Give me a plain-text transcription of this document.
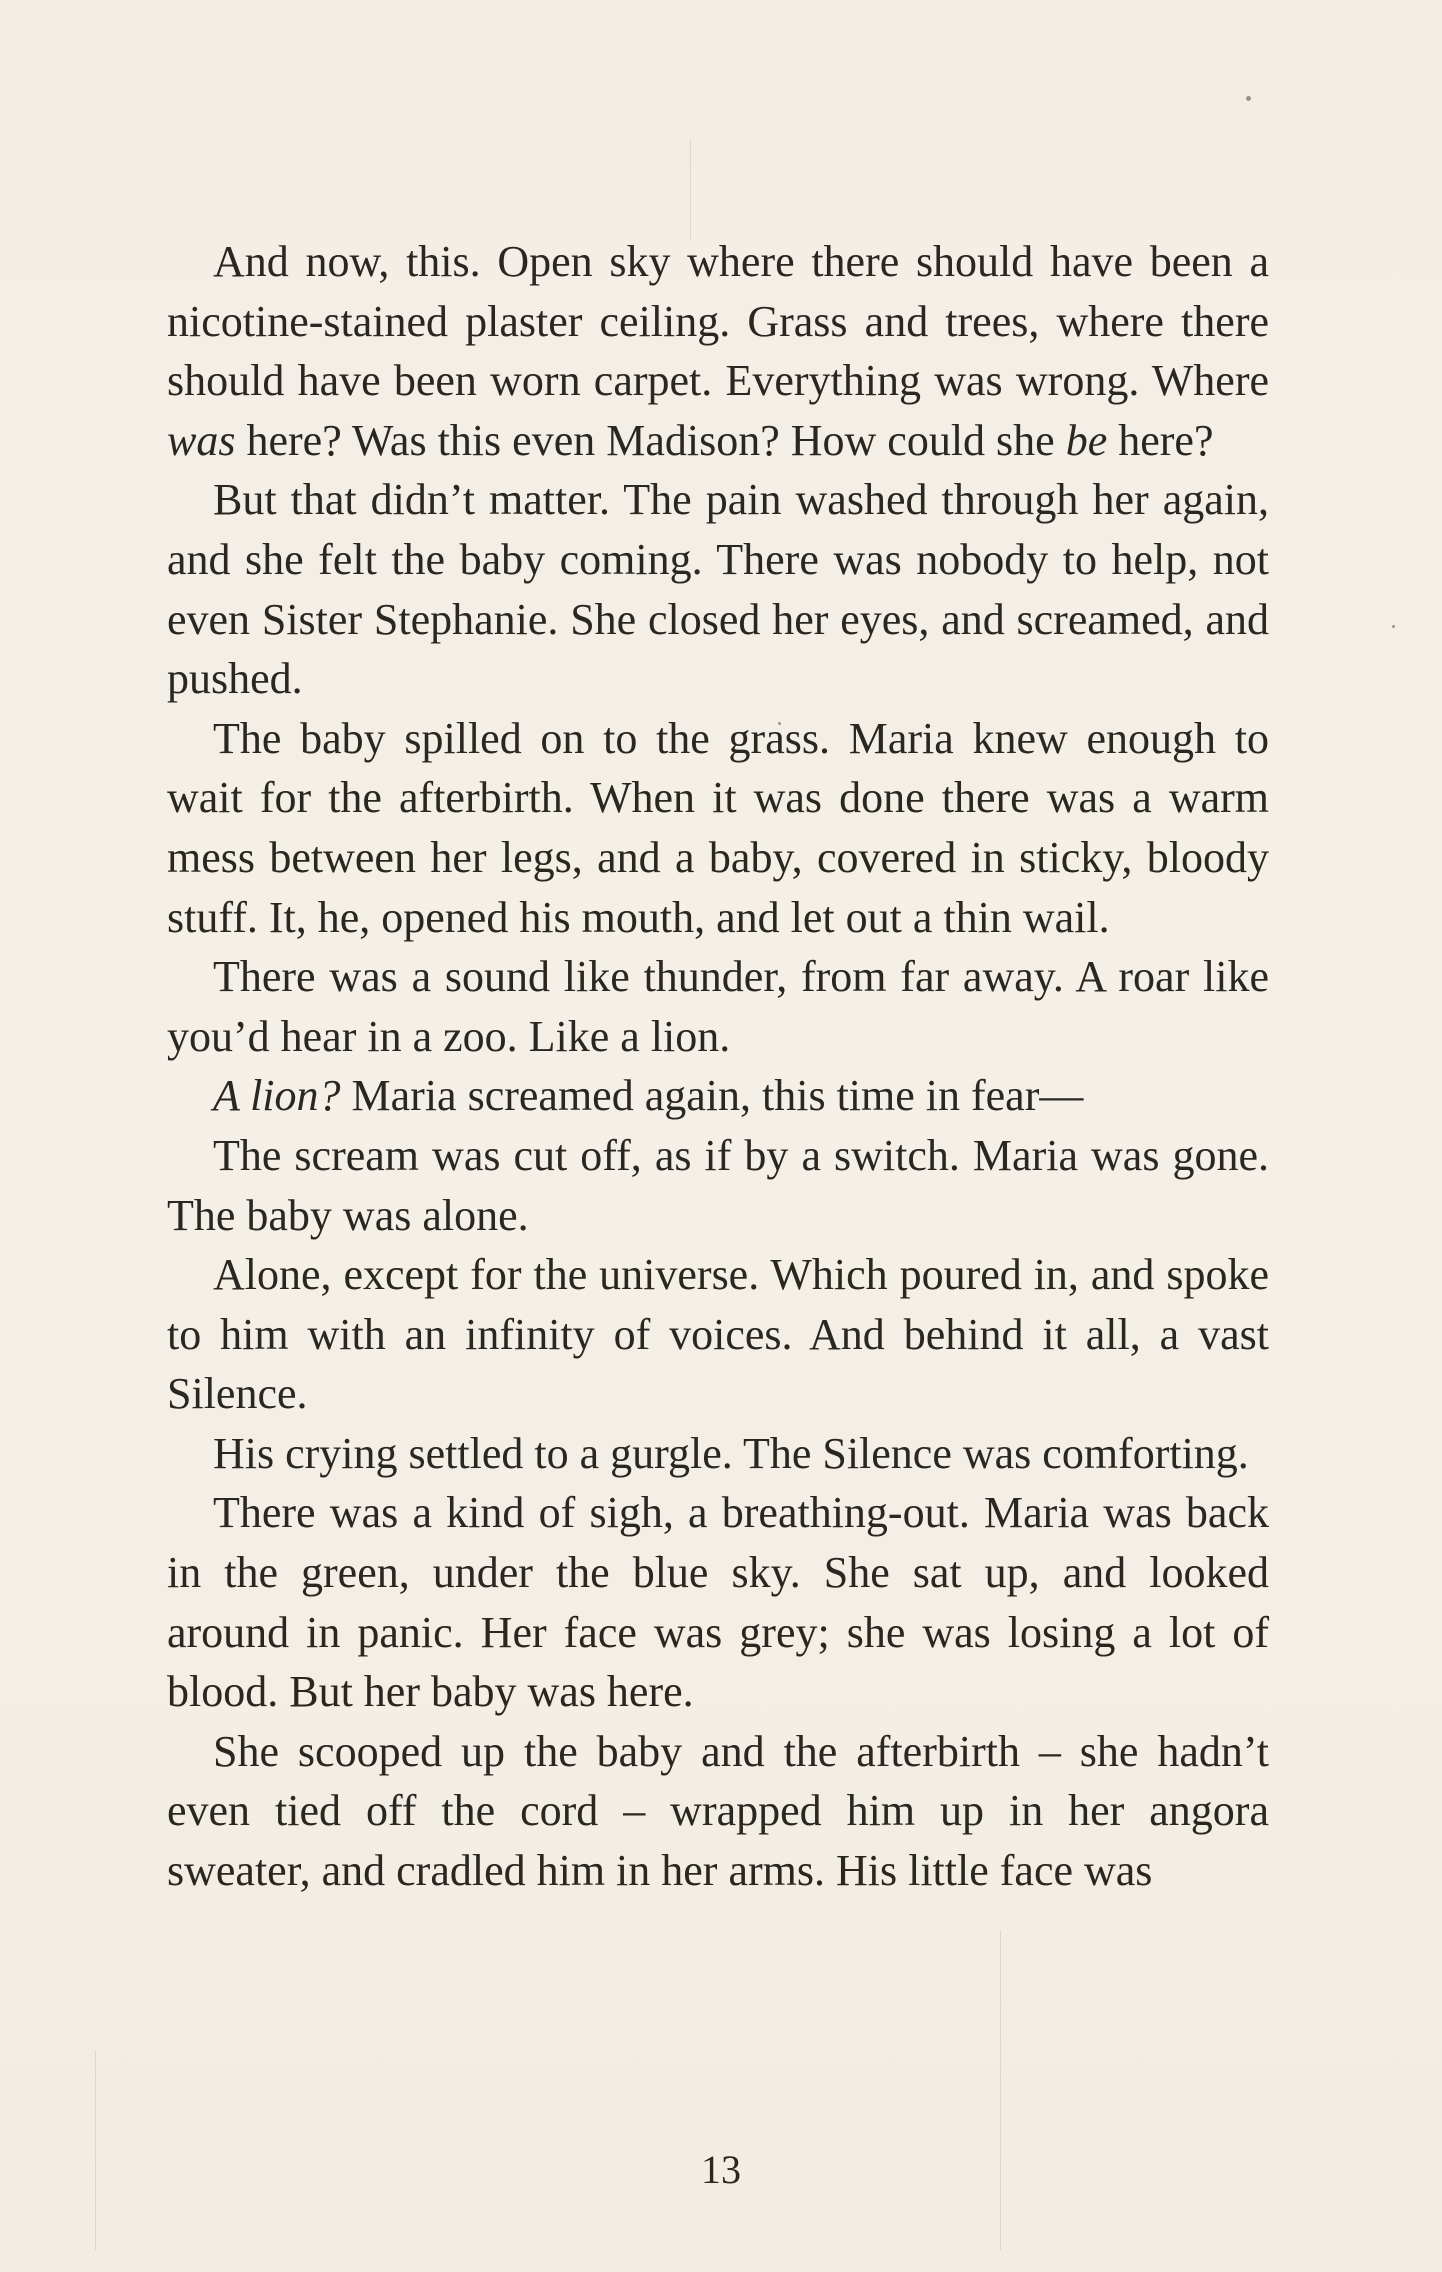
And now, this. Open sky where there should have been a nicotine-stained plaster ceiling. Grass and trees, where there should have been worn carpet. Everything was wrong. Where was here? Was this even Madison? How could she be here?

But that didn’t matter. The pain washed through her again, and she felt the baby coming. There was nobody to help, not even Sister Stephanie. She closed her eyes, and screamed, and pushed.

The baby spilled on to the grass. Maria knew enough to wait for the afterbirth. When it was done there was a warm mess between her legs, and a baby, covered in sticky, bloody stuff. It, he, opened his mouth, and let out a thin wail.

There was a sound like thunder, from far away. A roar like you’d hear in a zoo. Like a lion.

A lion? Maria screamed again, this time in fear—

The scream was cut off, as if by a switch. Maria was gone. The baby was alone.

Alone, except for the universe. Which poured in, and spoke to him with an infinity of voices. And behind it all, a vast Silence.

His crying settled to a gurgle. The Silence was comforting.

There was a kind of sigh, a breathing-out. Maria was back in the green, under the blue sky. She sat up, and looked around in panic. Her face was grey; she was losing a lot of blood. But her baby was here.

She scooped up the baby and the afterbirth – she hadn’t even tied off the cord – wrapped him up in her angora sweater, and cradled him in her arms. His little face was

13
